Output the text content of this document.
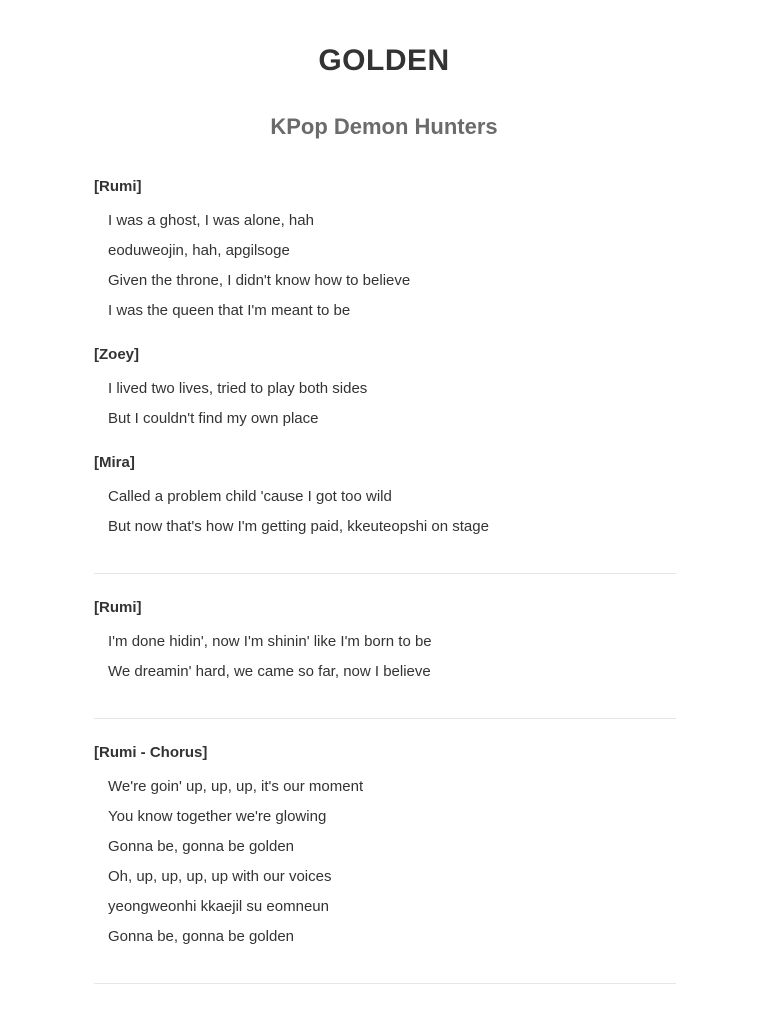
GOLDEN
KPop Demon Hunters
[Rumi]
I was a ghost, I was alone, hah
eoduweojin, hah, apgilsoge
Given the throne, I didn't know how to believe
I was the queen that I'm meant to be
[Zoey]
I lived two lives, tried to play both sides
But I couldn't find my own place
[Mira]
Called a problem child 'cause I got too wild
But now that's how I'm getting paid, kkeuteopshi on stage
[Rumi]
I'm done hidin', now I'm shinin' like I'm born to be
We dreamin' hard, we came so far, now I believe
[Rumi - Chorus]
We're goin' up, up, up, it's our moment
You know together we're glowing
Gonna be, gonna be golden
Oh, up, up, up, up with our voices
yeongweonhi kkaejil su eomneun
Gonna be, gonna be golden
